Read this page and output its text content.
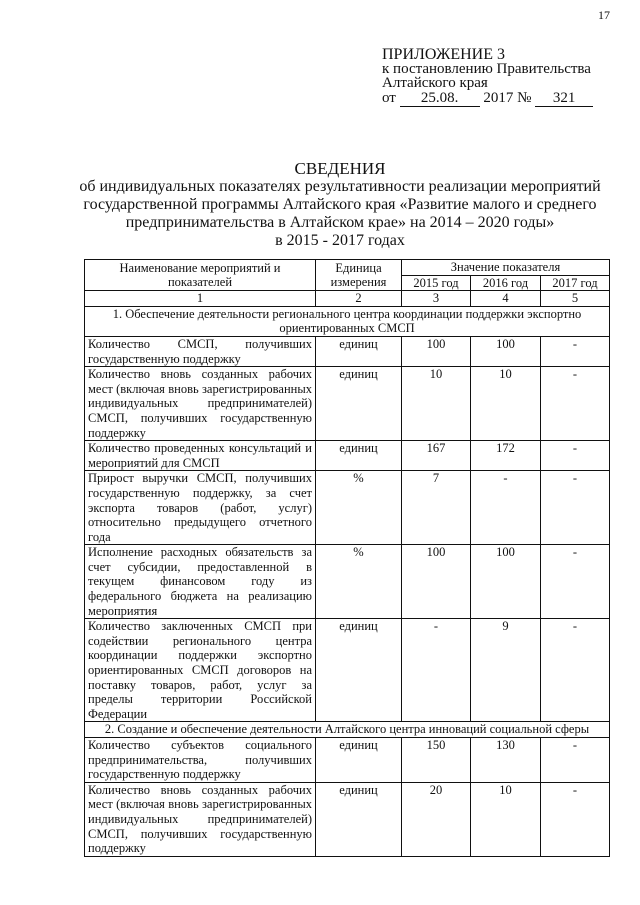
17
ПРИЛОЖЕНИЕ 3
к постановлению Правительства
Алтайского края
от 25.08. 2017 № 321
СВЕДЕНИЯ
об индивидуальных показателях результативности реализации мероприятий
государственной программы Алтайского края «Развитие малого и среднего
предпринимательства в Алтайском крае» на 2014 – 2020 годы»
в 2015 - 2017 годах
Наименование мероприятий и показателей	Единица измерения	Значение показателя		
		2015 год	2016 год	2017 год
1	2	3	4	5
1. Обеспечение деятельности регионального центра координации поддержки экспортно ориентированных СМСП				
Количество СМСП, получивших государственную поддержку	единиц	100	100	-
Количество вновь созданных рабочих мест (включая вновь зарегистрированных индивидуальных предпринимателей) СМСП, получивших государственную поддержку	единиц	10	10	-
Количество проведенных консультаций и мероприятий для СМСП	единиц	167	172	-
Прирост выручки СМСП, получивших государственную поддержку, за счет экспорта товаров (работ, услуг) относительно предыдущего отчетного года	%	7	-	-
Исполнение расходных обязательств за счет субсидии, предоставленной в текущем финансовом году из федерального бюджета на реализацию мероприятия	%	100	100	-
Количество заключенных СМСП при содействии регионального центра координации поддержки экспортно ориентированных СМСП договоров на поставку товаров, работ, услуг за пределы территории Российской Федерации	единиц	-	9	-
2. Создание и обеспечение деятельности Алтайского центра инноваций социальной сферы				
Количество субъектов социального предпринимательства, получивших государственную поддержку	единиц	150	130	-
Количество вновь созданных рабочих мест (включая вновь зарегистрированных индивидуальных предпринимателей) СМСП, получивших государственную поддержку	единиц	20	10	-
